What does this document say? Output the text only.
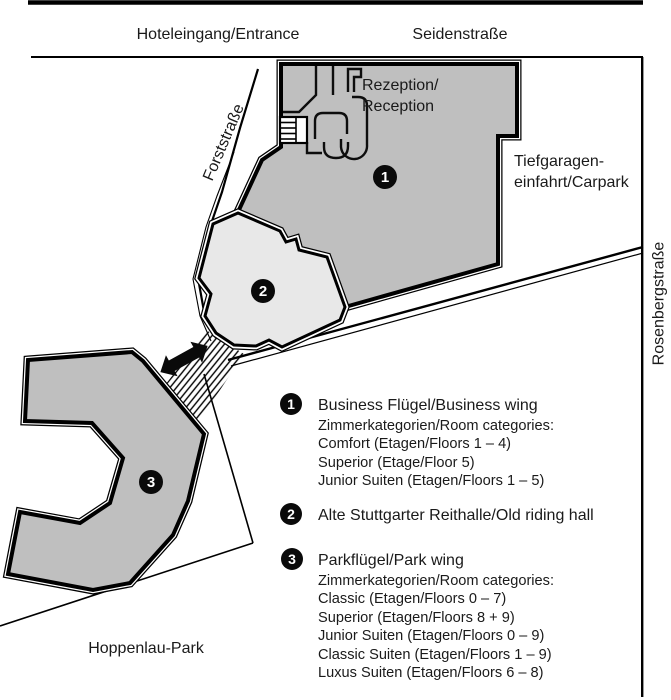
Hoteleingang/Entrance	Seidenstraße
Forststraße
Rosenbergstraße
Tiefgaragen-
einfahrt/Carpark
Rezeption/
Reception
Hoppenlau-Park
1
2
3
1	Business Flügel/Business wing
Zimmerkategorien/Room categories:
Comfort (Etagen/Floors 1 – 4)
Superior (Etage/Floor 5)
Junior Suiten (Etagen/Floors 1 – 5)
2	Alte Stuttgarter Reithalle/Old riding hall
3	Parkflügel/Park wing
Zimmerkategorien/Room categories:
Classic (Etagen/Floors 0 – 7)
Superior (Etagen/Floors 8 + 9)
Junior Suiten (Etagen/Floors 0 – 9)
Classic Suiten (Etagen/Floors 1 – 9)
Luxus Suiten (Etagen/Floors 6 – 8)
